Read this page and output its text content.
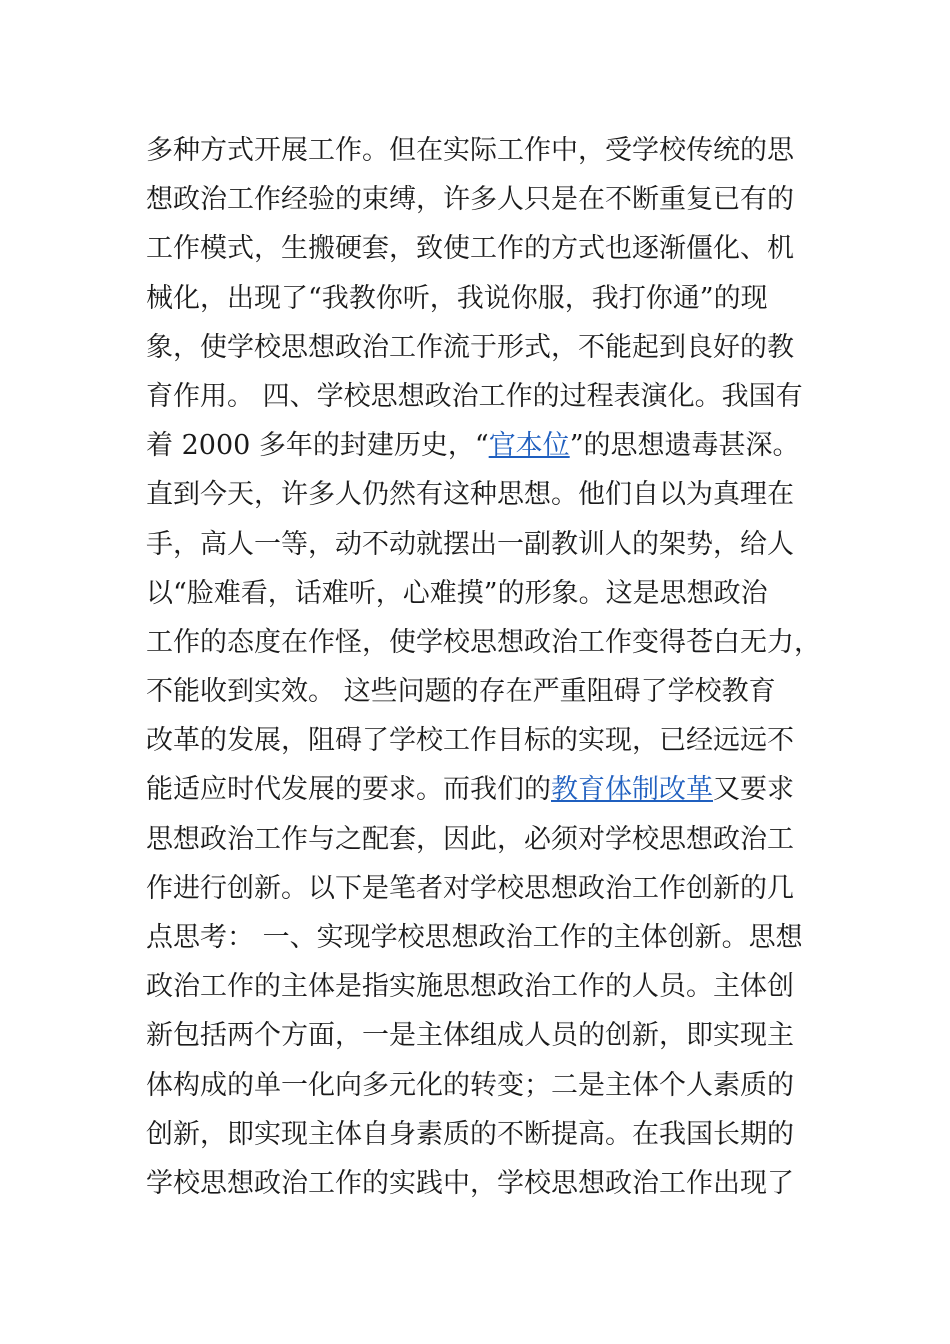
多种方式开展工作。但在实际工作中，受学校传统的思
想政治工作经验的束缚，许多人只是在不断重复已有的
工作模式，生搬硬套，致使工作的方式也逐渐僵化、机
械化，出现了“我教你听，我说你服，我打你通”的现
象，使学校思想政治工作流于形式，不能起到良好的教
育作用。 四、学校思想政治工作的过程表演化。我国有
着 2000 多年的封建历史，“官本位”的思想遗毒甚深。
直到今天，许多人仍然有这种思想。他们自以为真理在
手，高人一等，动不动就摆出一副教训人的架势，给人
以“脸难看，话难听，心难摸”的形象。这是思想政治
工作的态度在作怪，使学校思想政治工作变得苍白无力，
不能收到实效。 这些问题的存在严重阻碍了学校教育
改革的发展，阻碍了学校工作目标的实现，已经远远不
能适应时代发展的要求。而我们的教育体制改革又要求
思想政治工作与之配套，因此，必须对学校思想政治工
作进行创新。以下是笔者对学校思想政治工作创新的几
点思考： 一、实现学校思想政治工作的主体创新。思想
政治工作的主体是指实施思想政治工作的人员。主体创
新包括两个方面，一是主体组成人员的创新，即实现主
体构成的单一化向多元化的转变；二是主体个人素质的
创新，即实现主体自身素质的不断提高。在我国长期的
学校思想政治工作的实践中，学校思想政治工作出现了
